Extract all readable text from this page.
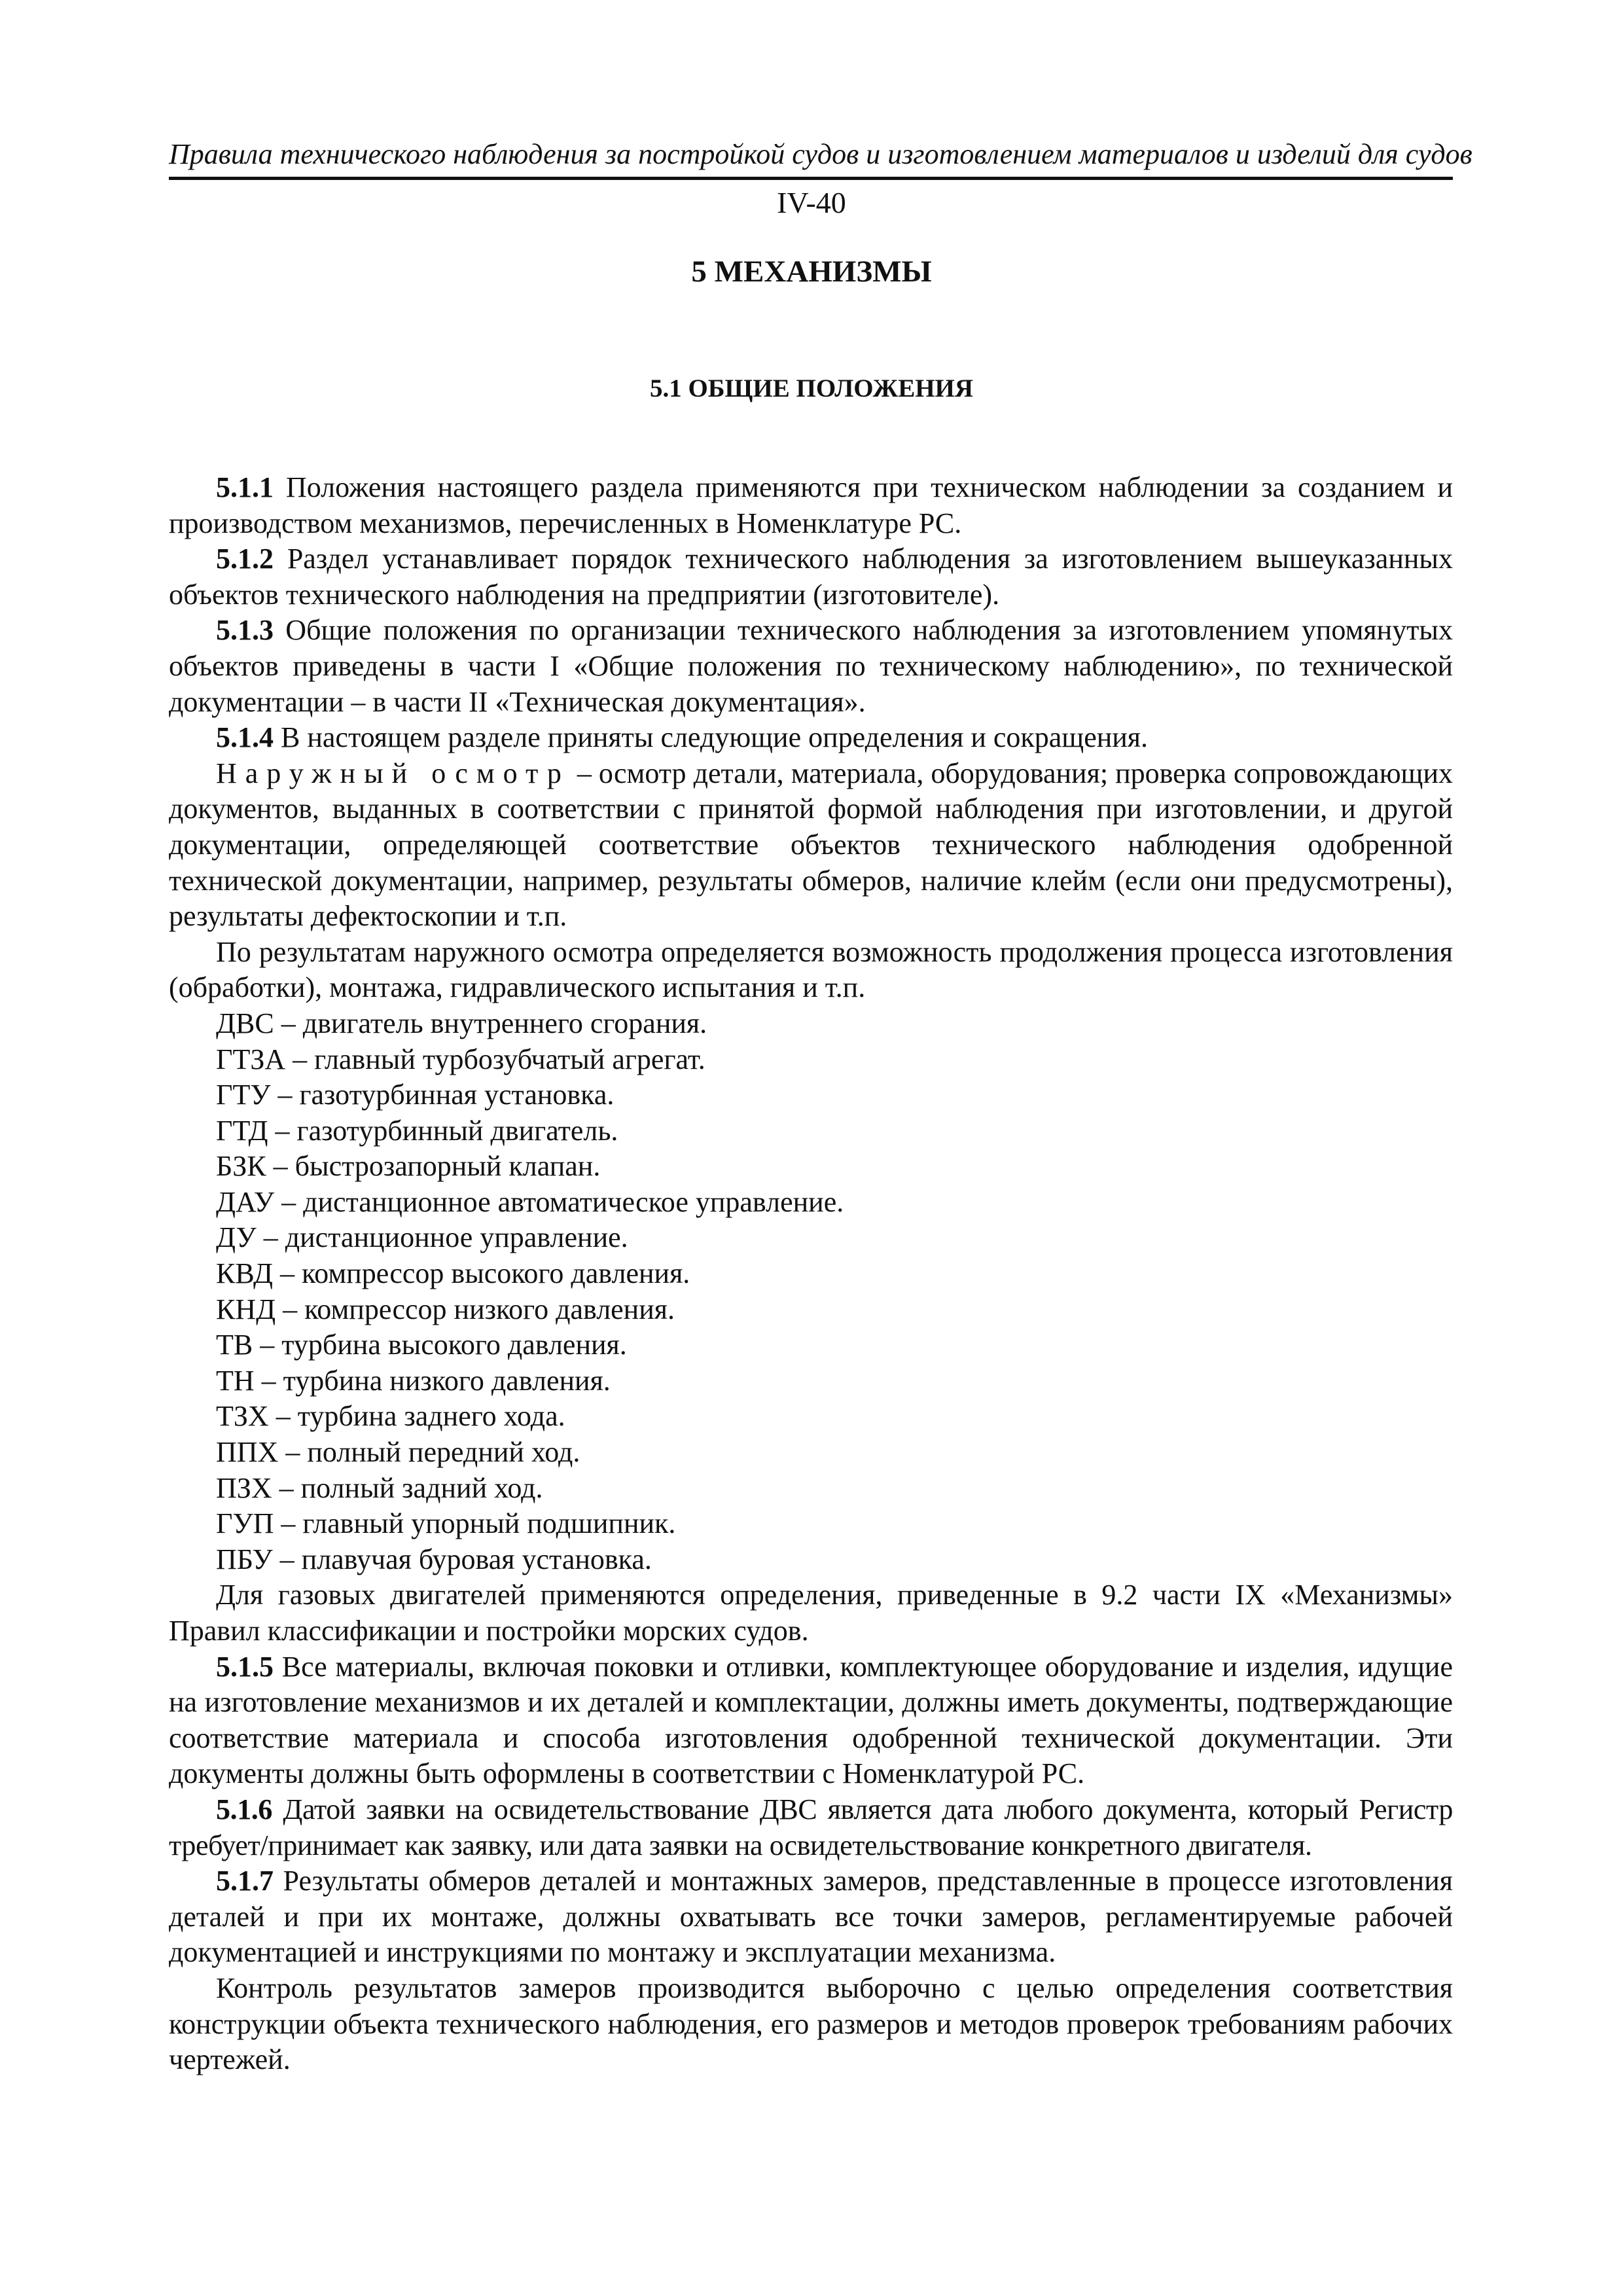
Правила технического наблюдения за постройкой судов и изготовлением материалов и изделий для судов
IV-40
5 МЕХАНИЗМЫ
5.1 ОБЩИЕ ПОЛОЖЕНИЯ

5.1.1 Положения настоящего раздела применяются при техническом наблюдении за созданием и производством механизмов, перечисленных в Номенклатуре РС.

5.1.2 Раздел устанавливает порядок технического наблюдения за изготовлением вышеуказанных объектов технического наблюдения на предприятии (изготовителе).

5.1.3 Общие положения по организации технического наблюдения за изготовлением упомянутых объектов приведены в части I «Общие положения по техническому наблюдению», по технической документации – в части II «Техническая документация».

5.1.4 В настоящем разделе приняты следующие определения и сокращения.

Наружный осмотр – осмотр детали, материала, оборудования; проверка сопровождающих документов, выданных в соответствии с принятой формой наблюдения при изготовлении, и другой документации, определяющей соответствие объектов технического наблюдения одобренной технической документации, например, результаты обмеров, наличие клейм (если они предусмотрены), результаты дефектоскопии и т.п.

По результатам наружного осмотра определяется возможность продолжения процесса изготовления (обработки), монтажа, гидравлического испытания и т.п.

ДВС – двигатель внутреннего сгорания.

ГТЗА – главный турбозубчатый агрегат.

ГТУ – газотурбинная установка.

ГТД – газотурбинный двигатель.

БЗК – быстрозапорный клапан.

ДАУ – дистанционное автоматическое управление.

ДУ – дистанционное управление.

КВД – компрессор высокого давления.

КНД – компрессор низкого давления.

ТВ – турбина высокого давления.

ТН – турбина низкого давления.

ТЗХ – турбина заднего хода.

ППХ – полный передний ход.

ПЗХ – полный задний ход.

ГУП – главный упорный подшипник.

ПБУ – плавучая буровая установка.

Для газовых двигателей применяются определения, приведенные в 9.2 части IX «Механизмы» Правил классификации и постройки морских судов.

5.1.5 Все материалы, включая поковки и отливки, комплектующее оборудование и изделия, идущие на изготовление механизмов и их деталей и комплектации, должны иметь документы, подтверждающие соответствие материала и способа изготовления одобренной технической документации. Эти документы должны быть оформлены в соответствии с Номенклатурой РС.

5.1.6 Датой заявки на освидетельствование ДВС является дата любого документа, который Регистр требует/принимает как заявку, или дата заявки на освидетельствование конкретного двигателя.

5.1.7 Результаты обмеров деталей и монтажных замеров, представленные в процессе изготовления деталей и при их монтаже, должны охватывать все точки замеров, регламентируемые рабочей документацией и инструкциями по монтажу и эксплуатации механизма.

Контроль результатов замеров производится выборочно с целью определения соответствия конструкции объекта технического наблюдения, его размеров и методов проверок требованиям рабочих чертежей.
